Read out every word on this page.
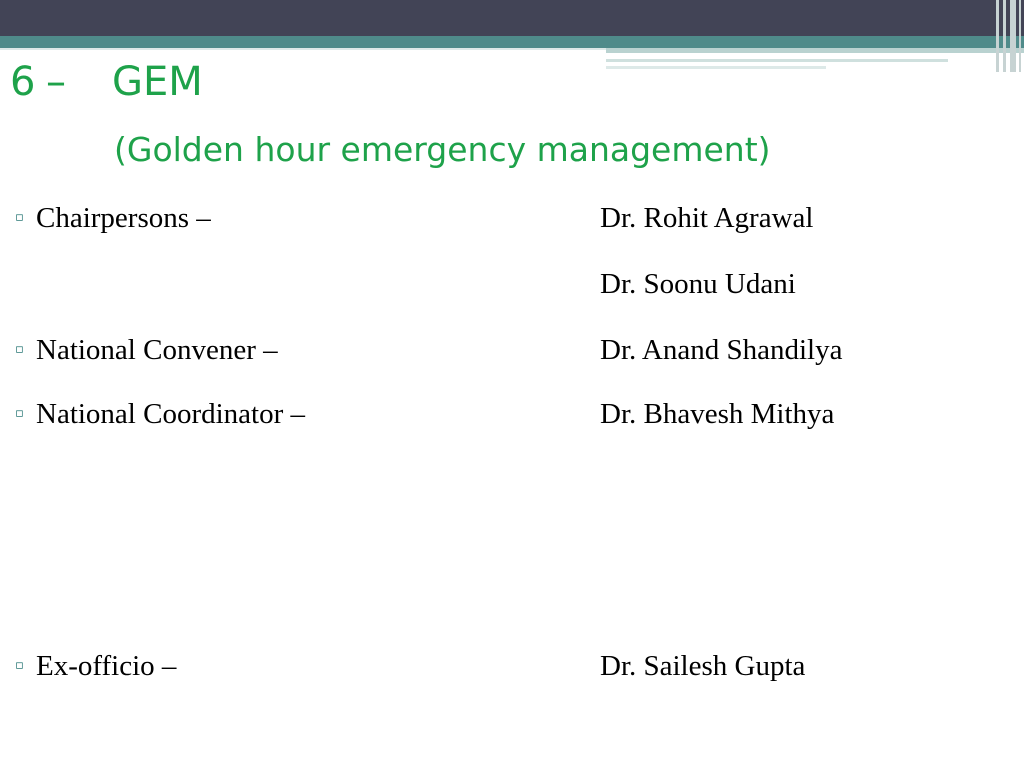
6 – GEM
(Golden hour emergency management)
▫ Chairpersons –	Dr. Rohit Agrawal
Dr. Soonu Udani
▫ National Convener –	Dr. Anand Shandilya
▫ National Coordinator –	Dr. Bhavesh Mithya
▫ Ex-officio –	Dr. Sailesh Gupta
